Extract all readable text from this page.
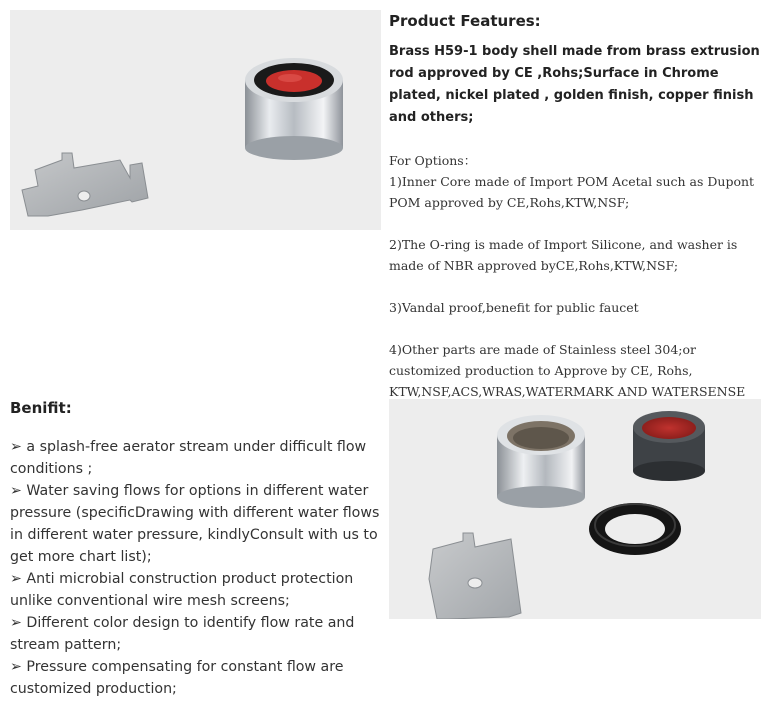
Product Features:

Brass H59-1 body shell made from brass extrusion rod approved by CE ,Rohs;Surface in Chrome plated, nickel plated , golden finish, copper finish and others;

For Options：

1)Inner Core made of Import POM Acetal such as Dupont POM approved by CE,Rohs,KTW,NSF;

2)The O-ring is made of Import Silicone, and washer is made of NBR approved byCE,Rohs,KTW,NSF;

3)Vandal proof,benefit for public faucet

4)Other parts are made of Stainless steel 304;or customized production to Approve by CE, Rohs, KTW,NSF,ACS,WRAS,WATERMARK AND WATERSENSE

Benifit:

➢ a splash-free aerator stream under difficult flow conditions ;

➢ Water saving flows for options in different water pressure (specificDrawing with different water flows in different water pressure, kindlyConsult with us to get more chart list);

➢ Anti microbial construction product protection unlike conventional wire mesh screens;

➢ Different color design to identify flow rate and stream pattern;

➢ Pressure compensating for constant flow are customized production;
